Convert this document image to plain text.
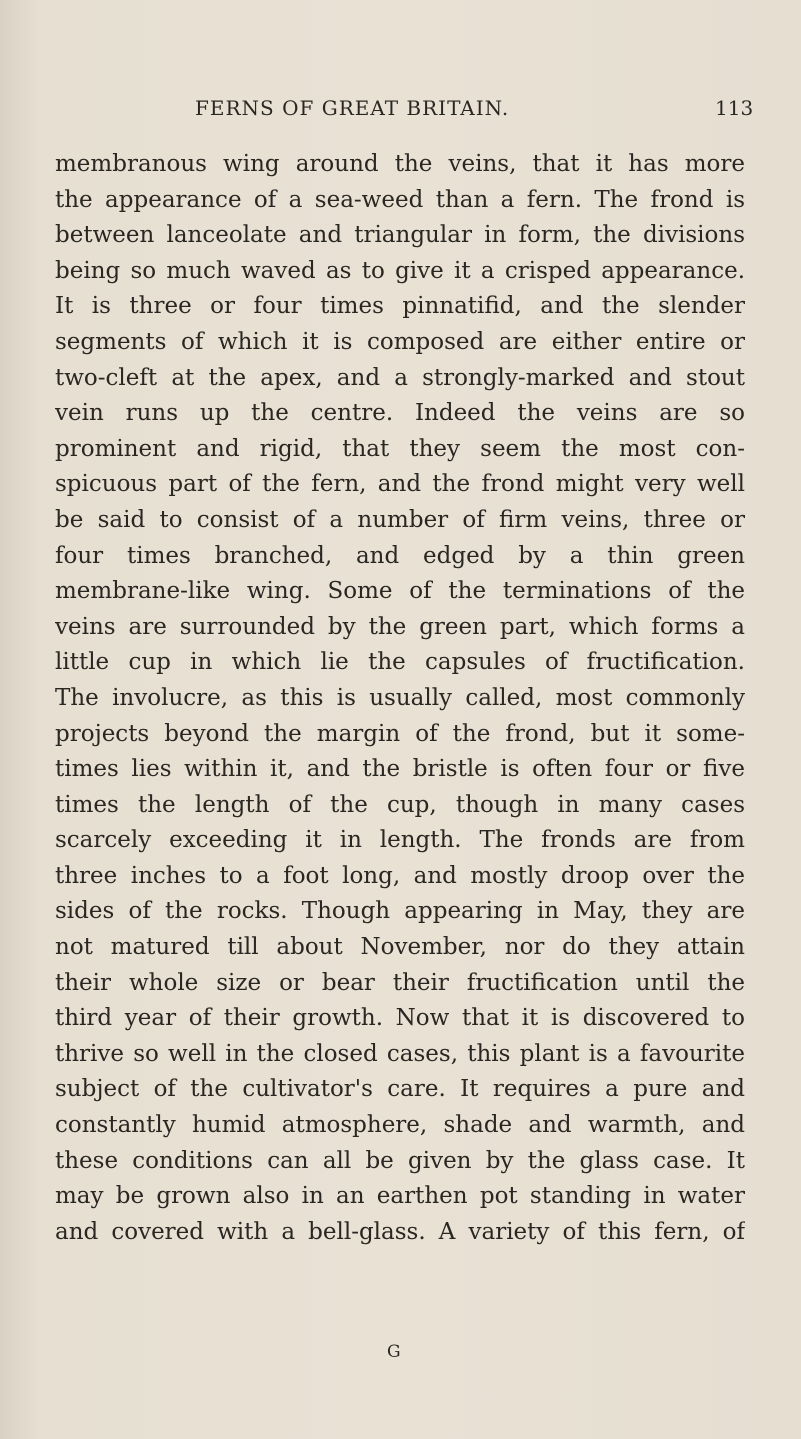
FERNS OF GREAT BRITAIN.	113
membranous wing around the veins, that it has more
the appearance of a sea-weed than a fern. The frond is
between lanceolate and triangular in form, the divisions
being so much waved as to give it a crisped appearance.
It is three or four times pinnatifid, and the slender
segments of which it is composed are either entire or
two-cleft at the apex, and a strongly-marked and stout
vein runs up the centre. Indeed the veins are so
prominent and rigid, that they seem the most con-
spicuous part of the fern, and the frond might very well
be said to consist of a number of firm veins, three or
four times branched, and edged by a thin green
membrane-like wing. Some of the terminations of the
veins are surrounded by the green part, which forms a
little cup in which lie the capsules of fructification.
The involucre, as this is usually called, most commonly
projects beyond the margin of the frond, but it some-
times lies within it, and the bristle is often four or five
times the length of the cup, though in many cases
scarcely exceeding it in length. The fronds are from
three inches to a foot long, and mostly droop over the
sides of the rocks. Though appearing in May, they are
not matured till about November, nor do they attain
their whole size or bear their fructification until the
third year of their growth. Now that it is discovered to
thrive so well in the closed cases, this plant is a favourite
subject of the cultivator's care. It requires a pure and
constantly humid atmosphere, shade and warmth, and
these conditions can all be given by the glass case. It
may be grown also in an earthen pot standing in water
and covered with a bell-glass. A variety of this fern, of
G
